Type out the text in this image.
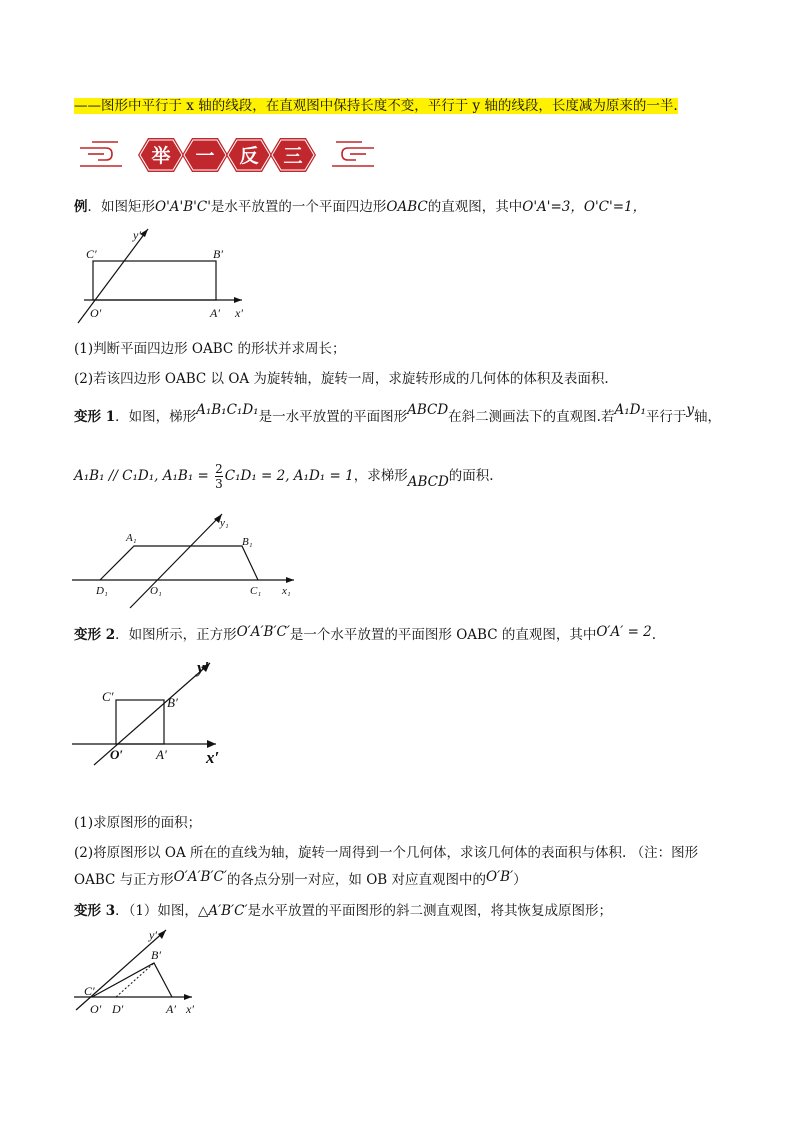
——图形中平行于 x 轴的线段，在直观图中保持长度不变，平行于 y 轴的线段，长度减为原来的一半.
举 一 反 三
例．如图矩形O'A'B'C'是水平放置的一个平面四边形OABC的直观图，其中O'A'=3，O'C'=1，
C′	B′
O′	A′ x′
y′
(1)判断平面四边形 OABC 的形状并求周长；
(2)若该四边形 OABC 以 OA 为旋转轴，旋转一周，求旋转形成的几何体的体积及表面积.
变形 1．如图，梯形A₁B₁C₁D₁是一水平放置的平面图形ABCD在斜二测画法下的直观图.若A₁D₁平行于y轴，
A₁B₁ // C₁D₁, $A_1B_1 = \frac{2}{3} C_1D_1 = 2$, A₁D₁ = 1，求梯形ABCD的面积.
A₁	B₁
D₁	O₁	C₁ x₁
y₁
变形 2．如图所示，正方形O′A′B′C′是一个水平放置的平面图形 OABC 的直观图，其中O′A′ = 2.
C′	B′
O′	A′ x′
y′
(1)求原图形的面积；
(2)将原图形以 OA 所在的直线为轴，旋转一周得到一个几何体，求该几何体的表面积与体积. （注：图形
OABC 与正方形O′A′B′C′的各点分别一对应，如 OB 对应直观图中的O′B′）
变形 3．（1）如图，△A′B′C′是水平放置的平面图形的斜二测直观图，将其恢复成原图形；
y′
B′
C′
O′ D′	A′ x′
